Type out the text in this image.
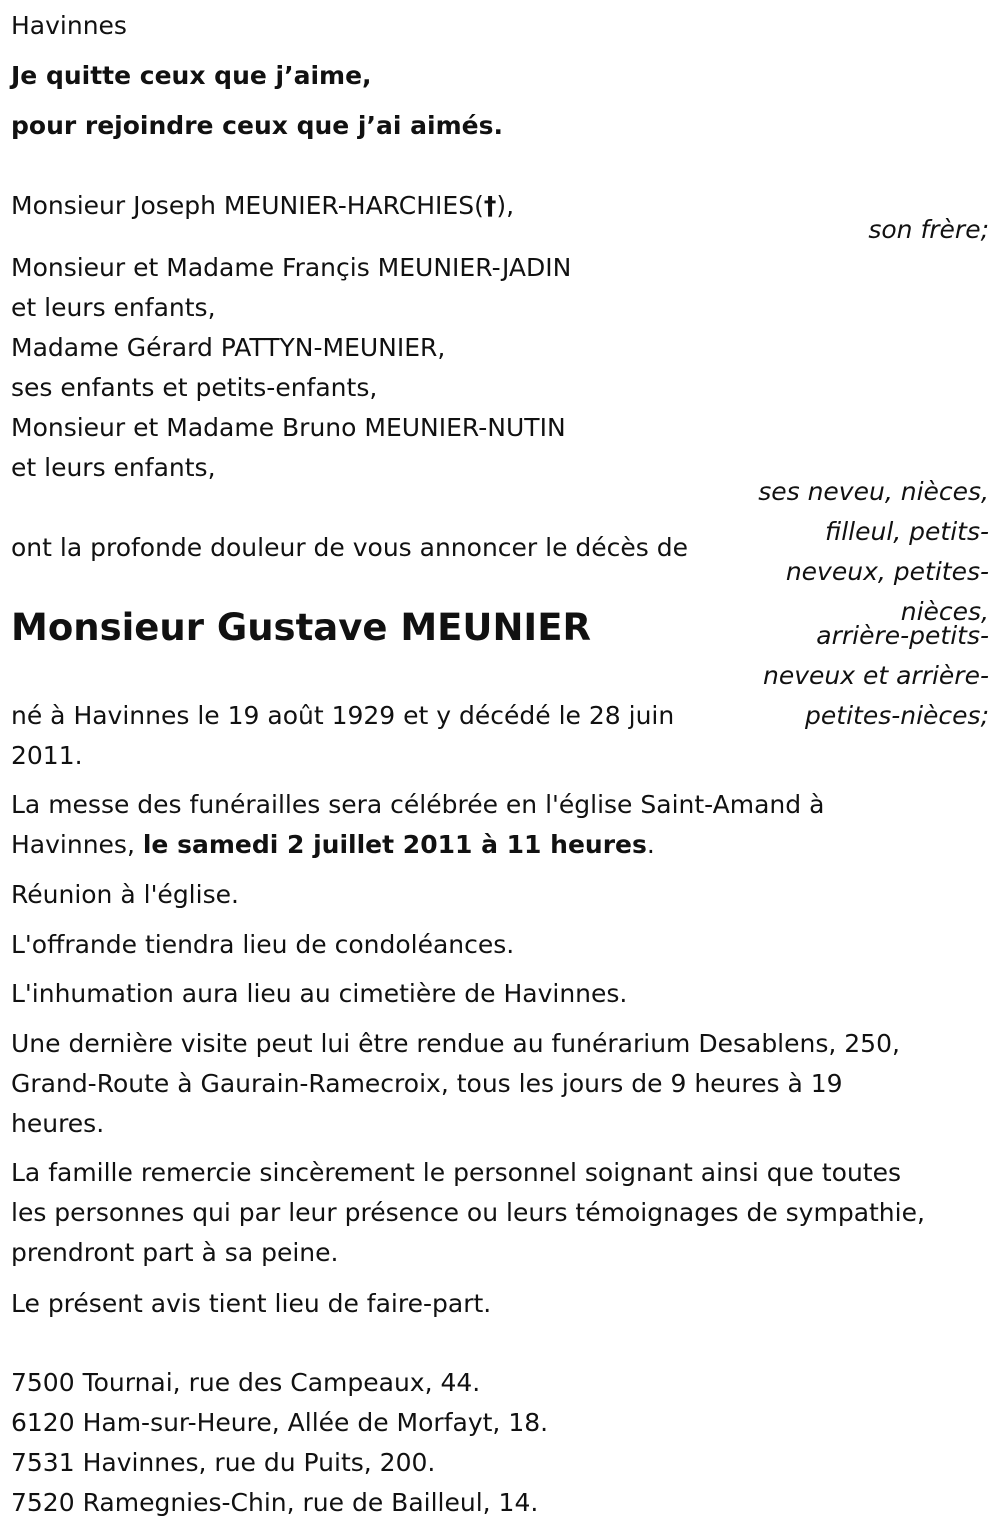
Havinnes
Je quitte ceux que j’aime,
pour rejoindre ceux que j’ai aimés.
Monsieur Joseph MEUNIER-HARCHIES(†),
son frère;
Monsieur et Madame Françis MEUNIER-JADIN
et leurs enfants,
Madame Gérard PATTYN-MEUNIER,
ses enfants et petits-enfants,
Monsieur et Madame Bruno MEUNIER-NUTIN
et leurs enfants,
ses neveu, nièces,
filleul, petits-
neveux, petites-
nièces,
arrière-petits-
neveux et arrière-
petites-nièces;
ont la profonde douleur de vous annoncer le décès de
Monsieur Gustave MEUNIER
né à Havinnes le 19 août 1929 et y décédé le 28 juin
2011.
La messe des funérailles sera célébrée en l'église Saint-Amand à
Havinnes, le samedi 2 juillet 2011 à 11 heures.
Réunion à l'église.
L'offrande tiendra lieu de condoléances.
L'inhumation aura lieu au cimetière de Havinnes.
Une dernière visite peut lui être rendue au funérarium Desablens, 250,
Grand-Route à Gaurain-Ramecroix, tous les jours de 9 heures à 19
heures.
La famille remercie sincèrement le personnel soignant ainsi que toutes
les personnes qui par leur présence ou leurs témoignages de sympathie,
prendront part à sa peine.
Le présent avis tient lieu de faire-part.
7500 Tournai, rue des Campeaux, 44.
6120 Ham-sur-Heure, Allée de Morfayt, 18.
7531 Havinnes, rue du Puits, 200.
7520 Ramegnies-Chin, rue de Bailleul, 14.
